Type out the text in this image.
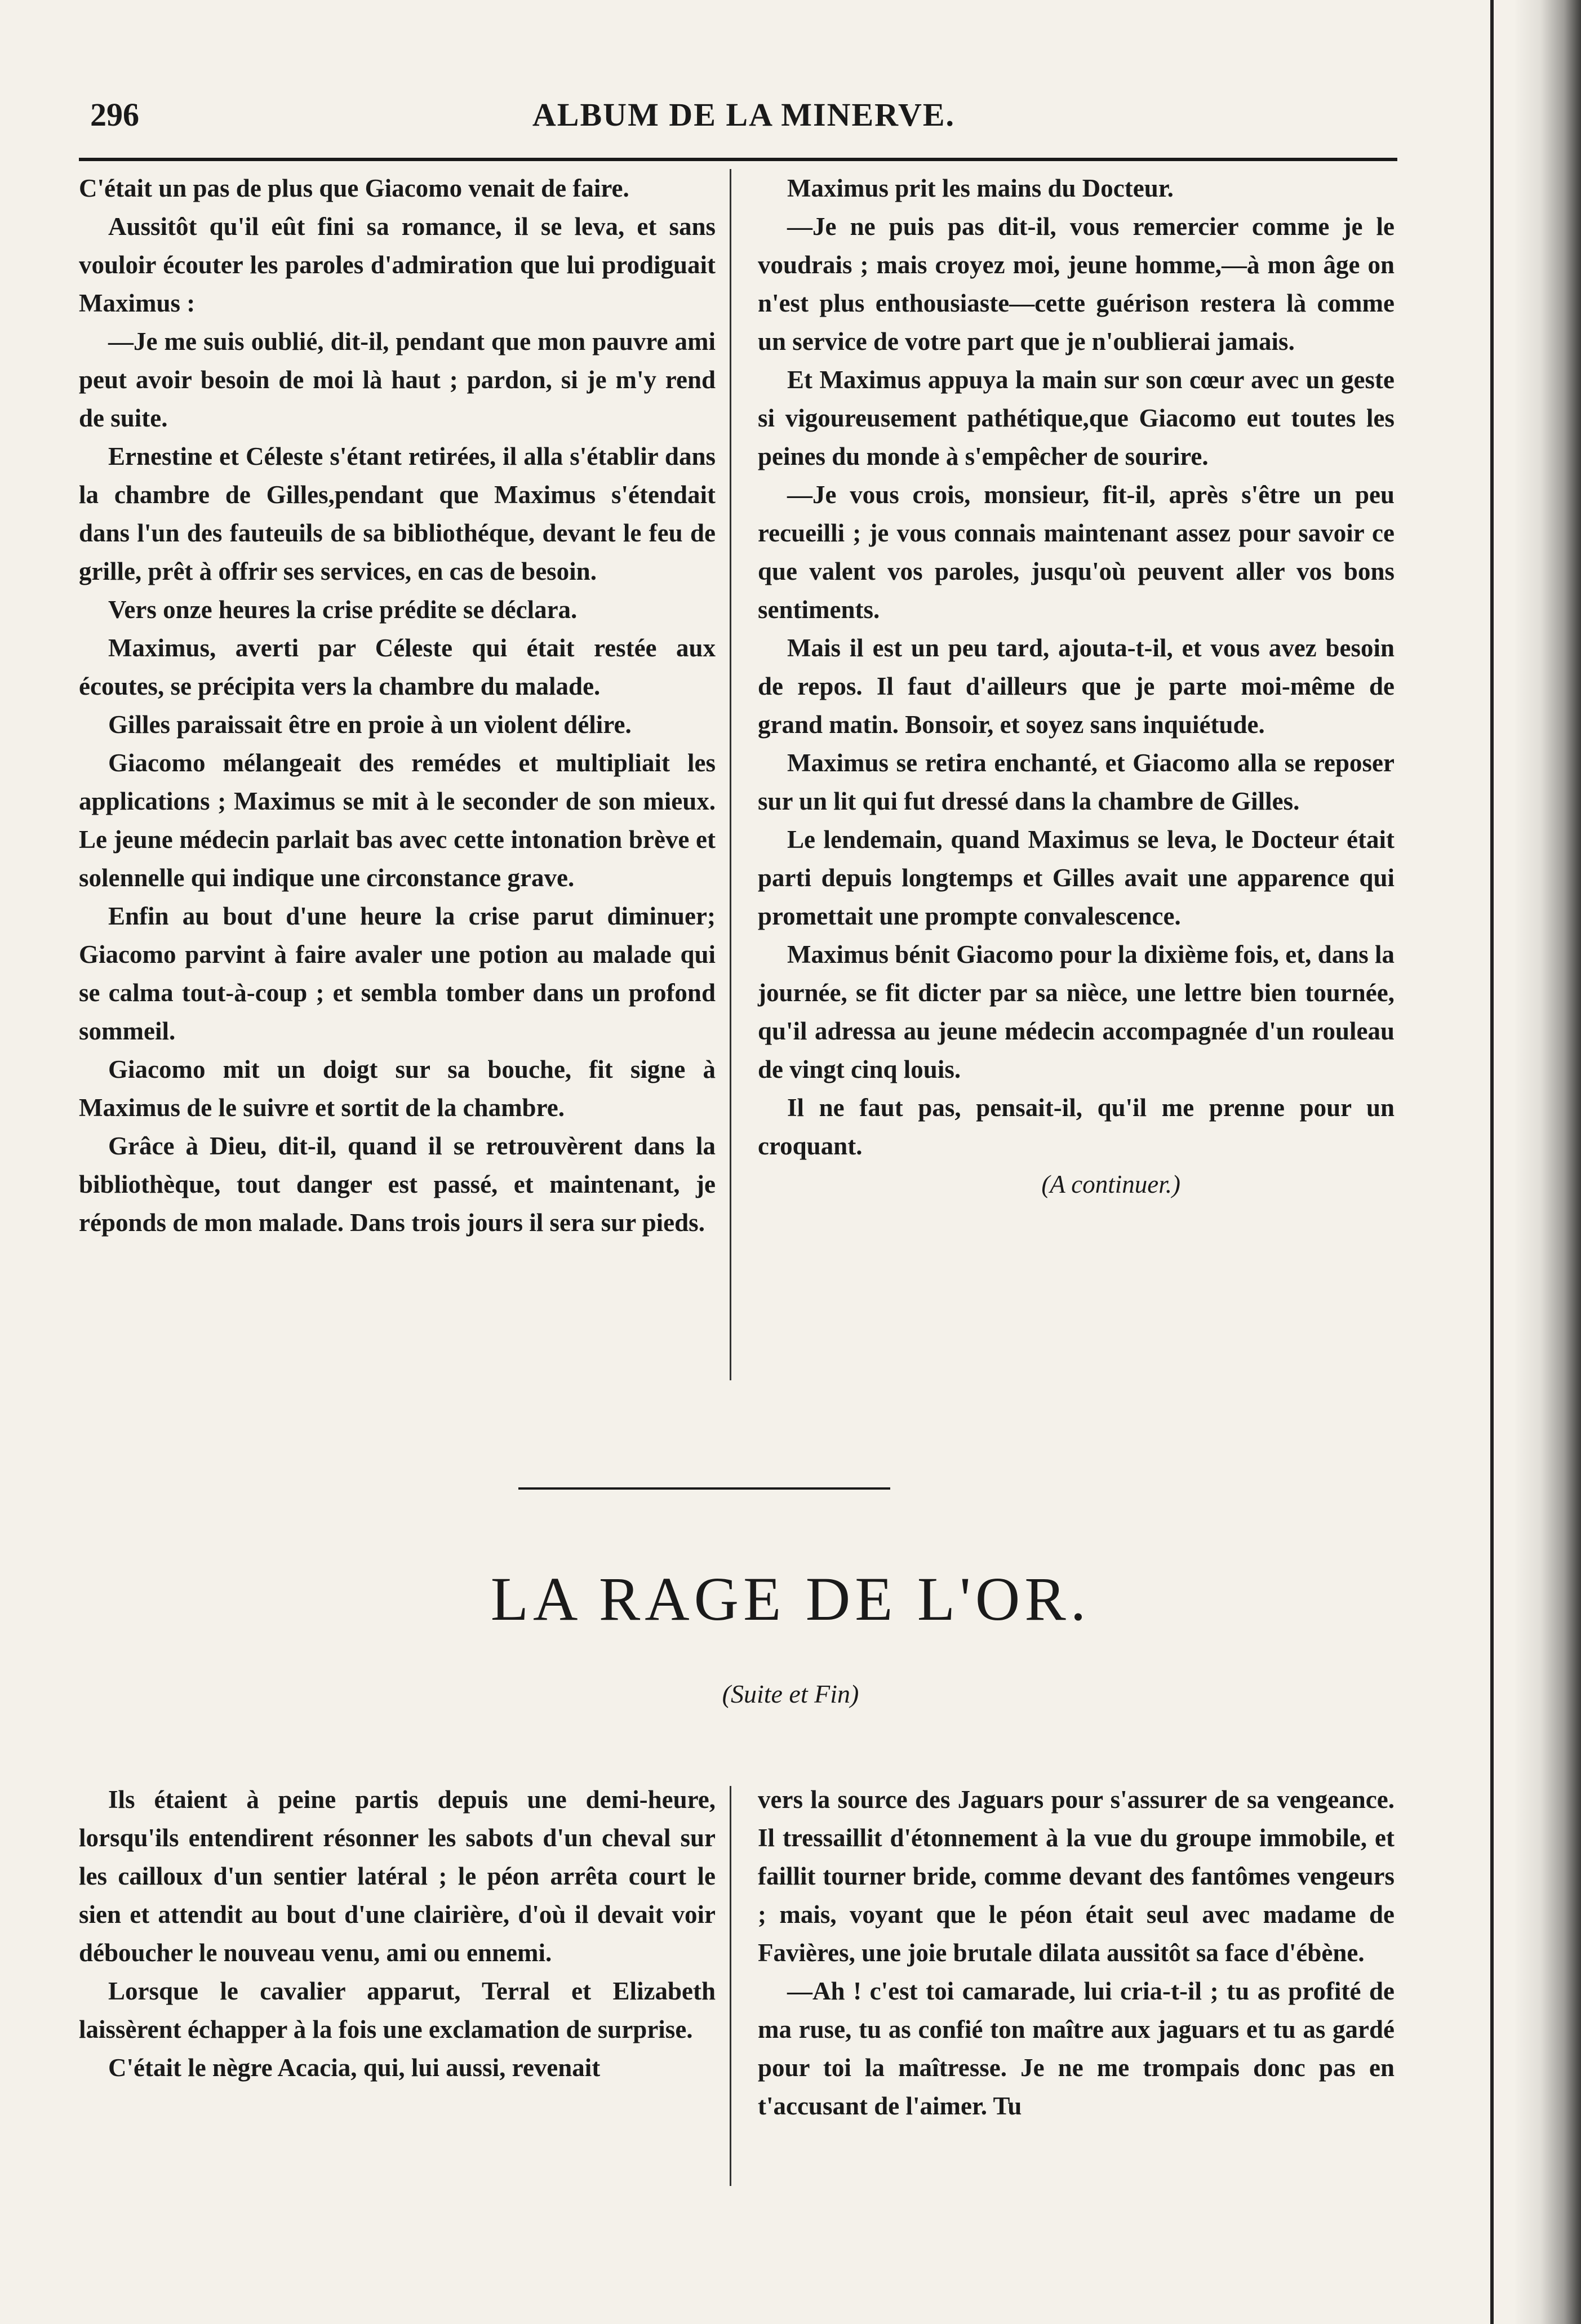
296	ALBUM DE LA MINERVE.

C'était un pas de plus que Giacomo venait de faire.

Aussitôt qu'il eût fini sa romance, il se leva, et sans vouloir écouter les paroles d'admiration que lui prodiguait Maximus :

—Je me suis oublié, dit-il, pendant que mon pauvre ami peut avoir besoin de moi là haut ; pardon, si je m'y rend de suite.

Ernestine et Céleste s'étant retirées, il alla s'établir dans la chambre de Gilles,pendant que Maximus s'étendait dans l'un des fauteuils de sa bibliothéque, devant le feu de grille, prêt à offrir ses services, en cas de besoin.

Vers onze heures la crise prédite se déclara.

Maximus, averti par Céleste qui était restée aux écoutes, se précipita vers la chambre du malade.

Gilles paraissait être en proie à un violent délire.

Giacomo mélangeait des remédes et multipliait les applications ; Maximus se mit à le seconder de son mieux. Le jeune médecin parlait bas avec cette intonation brève et solennelle qui indique une circonstance grave.

Enfin au bout d'une heure la crise parut diminuer; Giacomo parvint à faire avaler une potion au malade qui se calma tout-à-coup ; et sembla tomber dans un profond sommeil.

Giacomo mit un doigt sur sa bouche, fit signe à Maximus de le suivre et sortit de la chambre.

Grâce à Dieu, dit-il, quand il se retrouvèrent dans la bibliothèque, tout danger est passé, et maintenant, je réponds de mon malade. Dans trois jours il sera sur pieds.

Maximus prit les mains du Docteur.

—Je ne puis pas dit-il, vous remercier comme je le voudrais ; mais croyez moi, jeune homme,—à mon âge on n'est plus enthousiaste—cette guérison restera là comme un service de votre part que je n'oublierai jamais.

Et Maximus appuya la main sur son cœur avec un geste si vigoureusement pathétique,que Giacomo eut toutes les peines du monde à s'empêcher de sourire.

—Je vous crois, monsieur, fit-il, après s'être un peu recueilli ; je vous connais maintenant assez pour savoir ce que valent vos paroles, jusqu'où peuvent aller vos bons sentiments.

Mais il est un peu tard, ajouta-t-il, et vous avez besoin de repos. Il faut d'ailleurs que je parte moi-même de grand matin. Bonsoir, et soyez sans inquiétude.

Maximus se retira enchanté, et Giacomo alla se reposer sur un lit qui fut dressé dans la chambre de Gilles.

Le lendemain, quand Maximus se leva, le Docteur était parti depuis longtemps et Gilles avait une apparence qui promettait une prompte convalescence.

Maximus bénit Giacomo pour la dixième fois, et, dans la journée, se fit dicter par sa nièce, une lettre bien tournée, qu'il adressa au jeune médecin accompagnée d'un rouleau de vingt cinq louis.

Il ne faut pas, pensait-il, qu'il me prenne pour un croquant.

(A continuer.)

LA RAGE DE L'OR.
(Suite et Fin)

Ils étaient à peine partis depuis une demi-heure, lorsqu'ils entendirent résonner les sabots d'un cheval sur les cailloux d'un sentier latéral ; le péon arrêta court le sien et attendit au bout d'une clairière, d'où il devait voir déboucher le nouveau venu, ami ou ennemi.

Lorsque le cavalier apparut, Terral et Elizabeth laissèrent échapper à la fois une exclamation de surprise.

C'était le nègre Acacia, qui, lui aussi, revenait

vers la source des Jaguars pour s'assurer de sa vengeance. Il tressaillit d'étonnement à la vue du groupe immobile, et faillit tourner bride, comme devant des fantômes vengeurs ; mais, voyant que le péon était seul avec madame de Favières, une joie brutale dilata aussitôt sa face d'ébène.

—Ah ! c'est toi camarade, lui cria-t-il ; tu as profité de ma ruse, tu as confié ton maître aux jaguars et tu as gardé pour toi la maîtresse. Je ne me trompais donc pas en t'accusant de l'aimer. Tu
